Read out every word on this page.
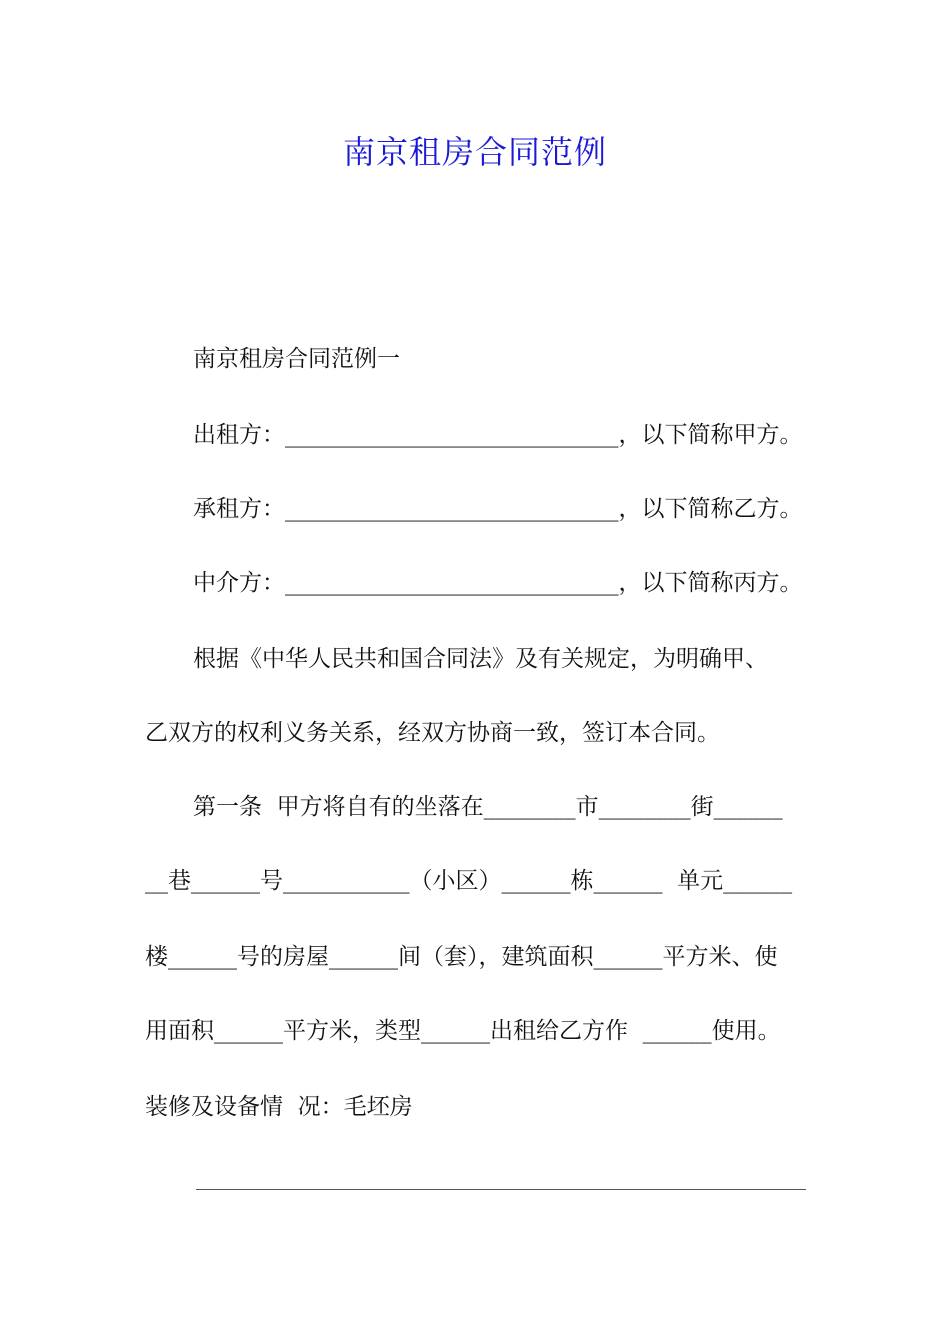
南京租房合同范例
南京租房合同范例一
出租方：_____________________________，以下简称甲方。
承租方：_____________________________，以下简称乙方。
中介方：_____________________________，以下简称丙方。
根据《中华人民共和国合同法》及有关规定，为明确甲、
乙双方的权利义务关系，经双方协商一致，签订本合同。
第一条  甲方将自有的坐落在________市________街______
__巷______号___________（小区）______栋______  单元______
楼______号的房屋______间（套），建筑面积______平方米、使
用面积______平方米，类型______出租给乙方作  ______使用。
装修及设备情  况：毛坯房
